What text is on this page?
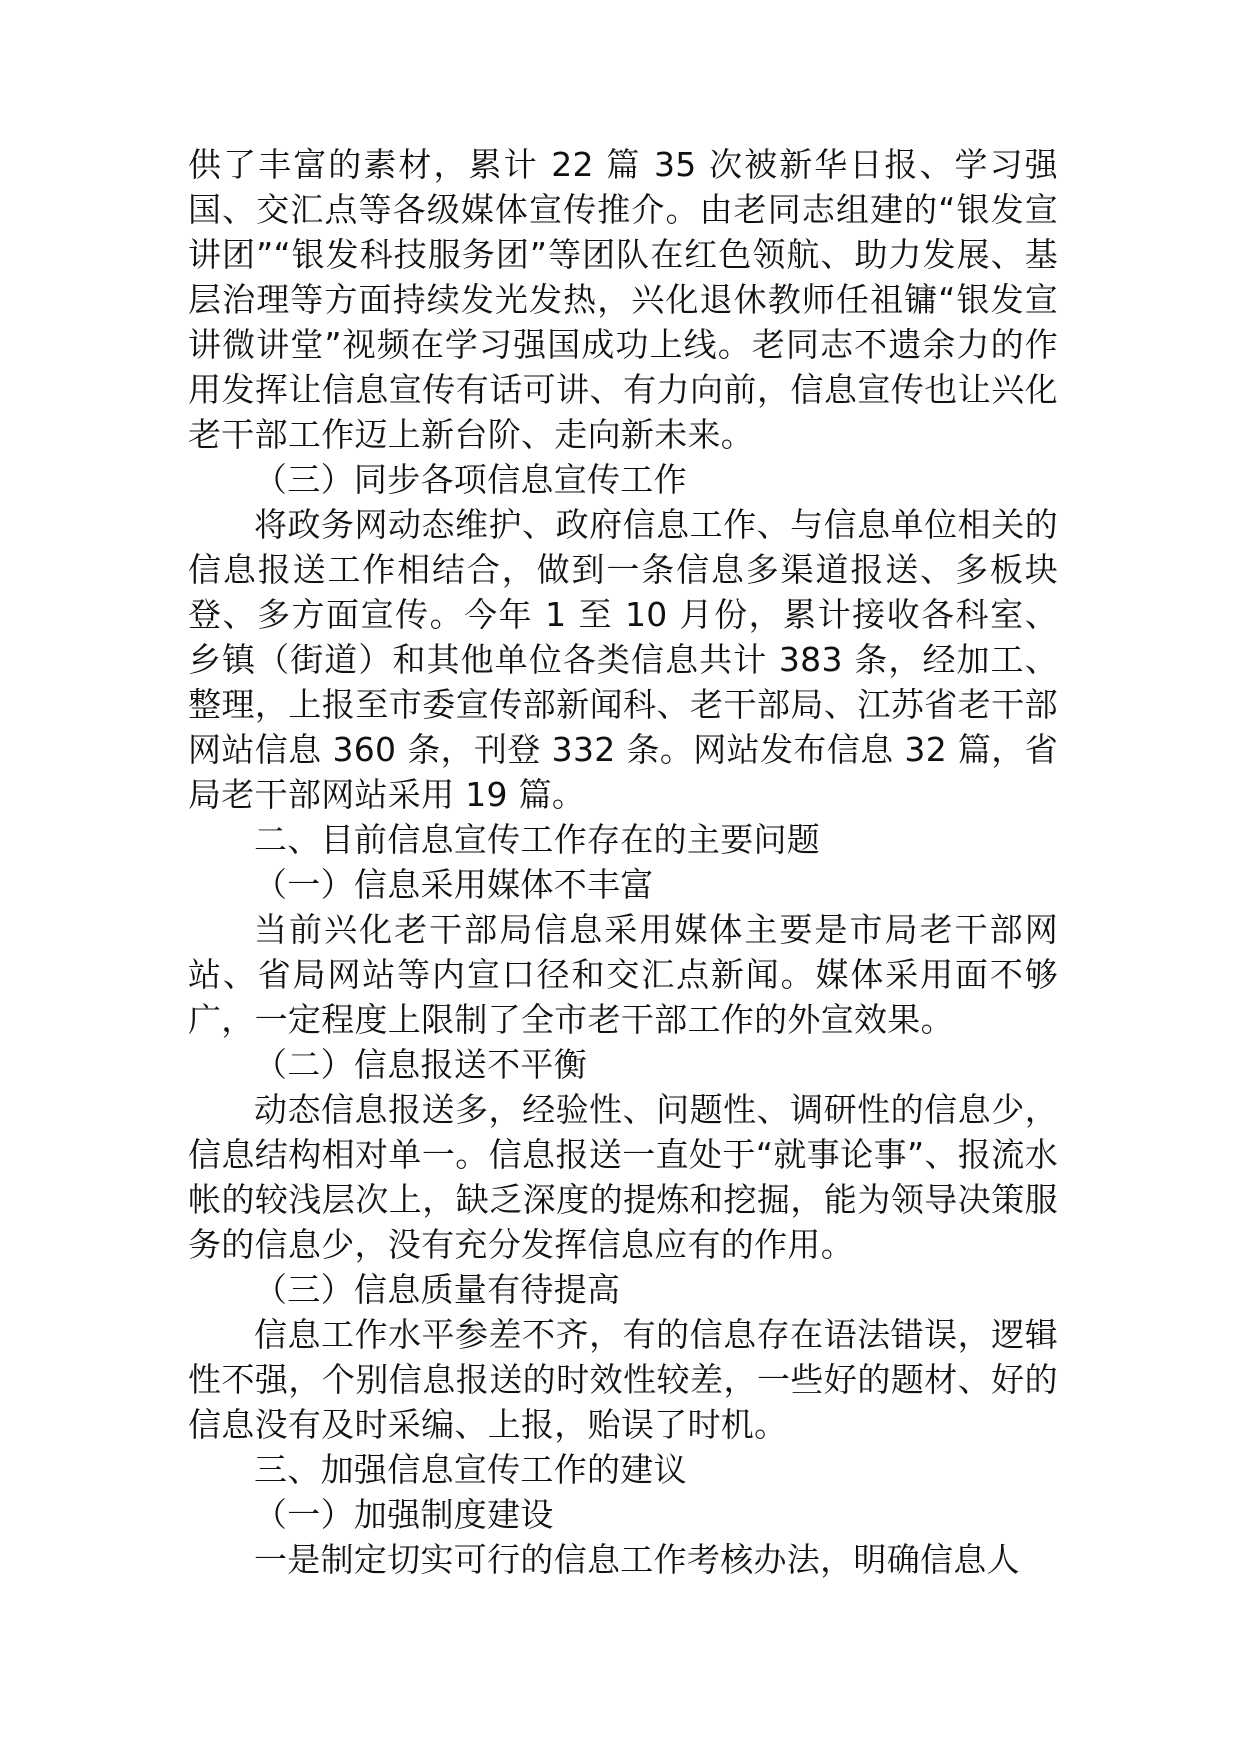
供了丰富的素材，累计 22 篇 35 次被新华日报、学习强国、交汇点等各级媒体宣传推介。由老同志组建的“银发宣讲团”“银发科技服务团”等团队在红色领航、助力发展、基层治理等方面持续发光发热，兴化退休教师任祖镛“银发宣讲微讲堂”视频在学习强国成功上线。老同志不遗余力的作用发挥让信息宣传有话可讲、有力向前，信息宣传也让兴化老干部工作迈上新台阶、走向新未来。

（三）同步各项信息宣传工作

将政务网动态维护、政府信息工作、与信息单位相关的信息报送工作相结合，做到一条信息多渠道报送、多板块登、多方面宣传。今年 1 至 10 月份，累计接收各科室、乡镇（街道）和其他单位各类信息共计 383 条，经加工、整理，上报至市委宣传部新闻科、老干部局、江苏省老干部网站信息 360 条，刊登 332 条。网站发布信息 32 篇，省局老干部网站采用 19 篇。

二、目前信息宣传工作存在的主要问题

（一）信息采用媒体不丰富

当前兴化老干部局信息采用媒体主要是市局老干部网站、省局网站等内宣口径和交汇点新闻。媒体采用面不够广，一定程度上限制了全市老干部工作的外宣效果。

（二）信息报送不平衡

动态信息报送多，经验性、问题性、调研性的信息少，信息结构相对单一。信息报送一直处于“就事论事”、报流水帐的较浅层次上，缺乏深度的提炼和挖掘，能为领导决策服务的信息少，没有充分发挥信息应有的作用。

（三）信息质量有待提高

信息工作水平参差不齐，有的信息存在语法错误，逻辑性不强，个别信息报送的时效性较差，一些好的题材、好的信息没有及时采编、上报，贻误了时机。

三、加强信息宣传工作的建议

（一）加强制度建设

一是制定切实可行的信息工作考核办法，明确信息人
